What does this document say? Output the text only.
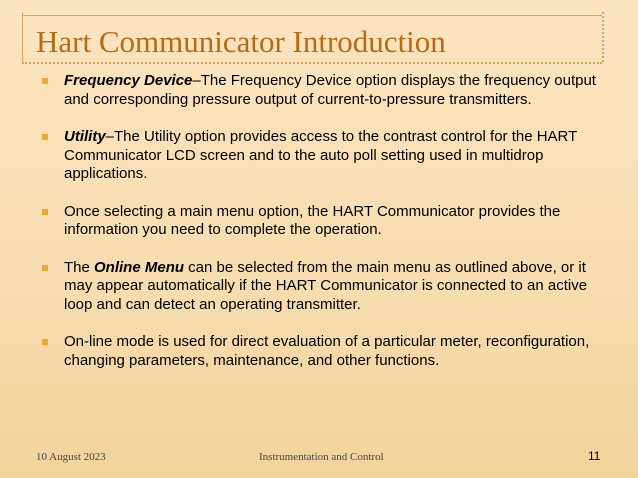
Hart Communicator Introduction
Frequency Device–The Frequency Device option displays the frequency output and corresponding pressure output of current-to-pressure transmitters.
Utility–The Utility option provides access to the contrast control for the HART Communicator LCD screen and to the auto poll setting used in multidrop applications.
Once selecting a main menu option, the HART Communicator provides the information you need to complete the operation.
The Online Menu can be selected from the main menu as outlined above, or it may appear automatically if the HART Communicator is connected to an active loop and can detect an operating transmitter.
On-line mode is used for direct evaluation of a particular meter, reconfiguration, changing parameters, maintenance, and other functions.
10 August 2023	Instrumentation and Control	11
